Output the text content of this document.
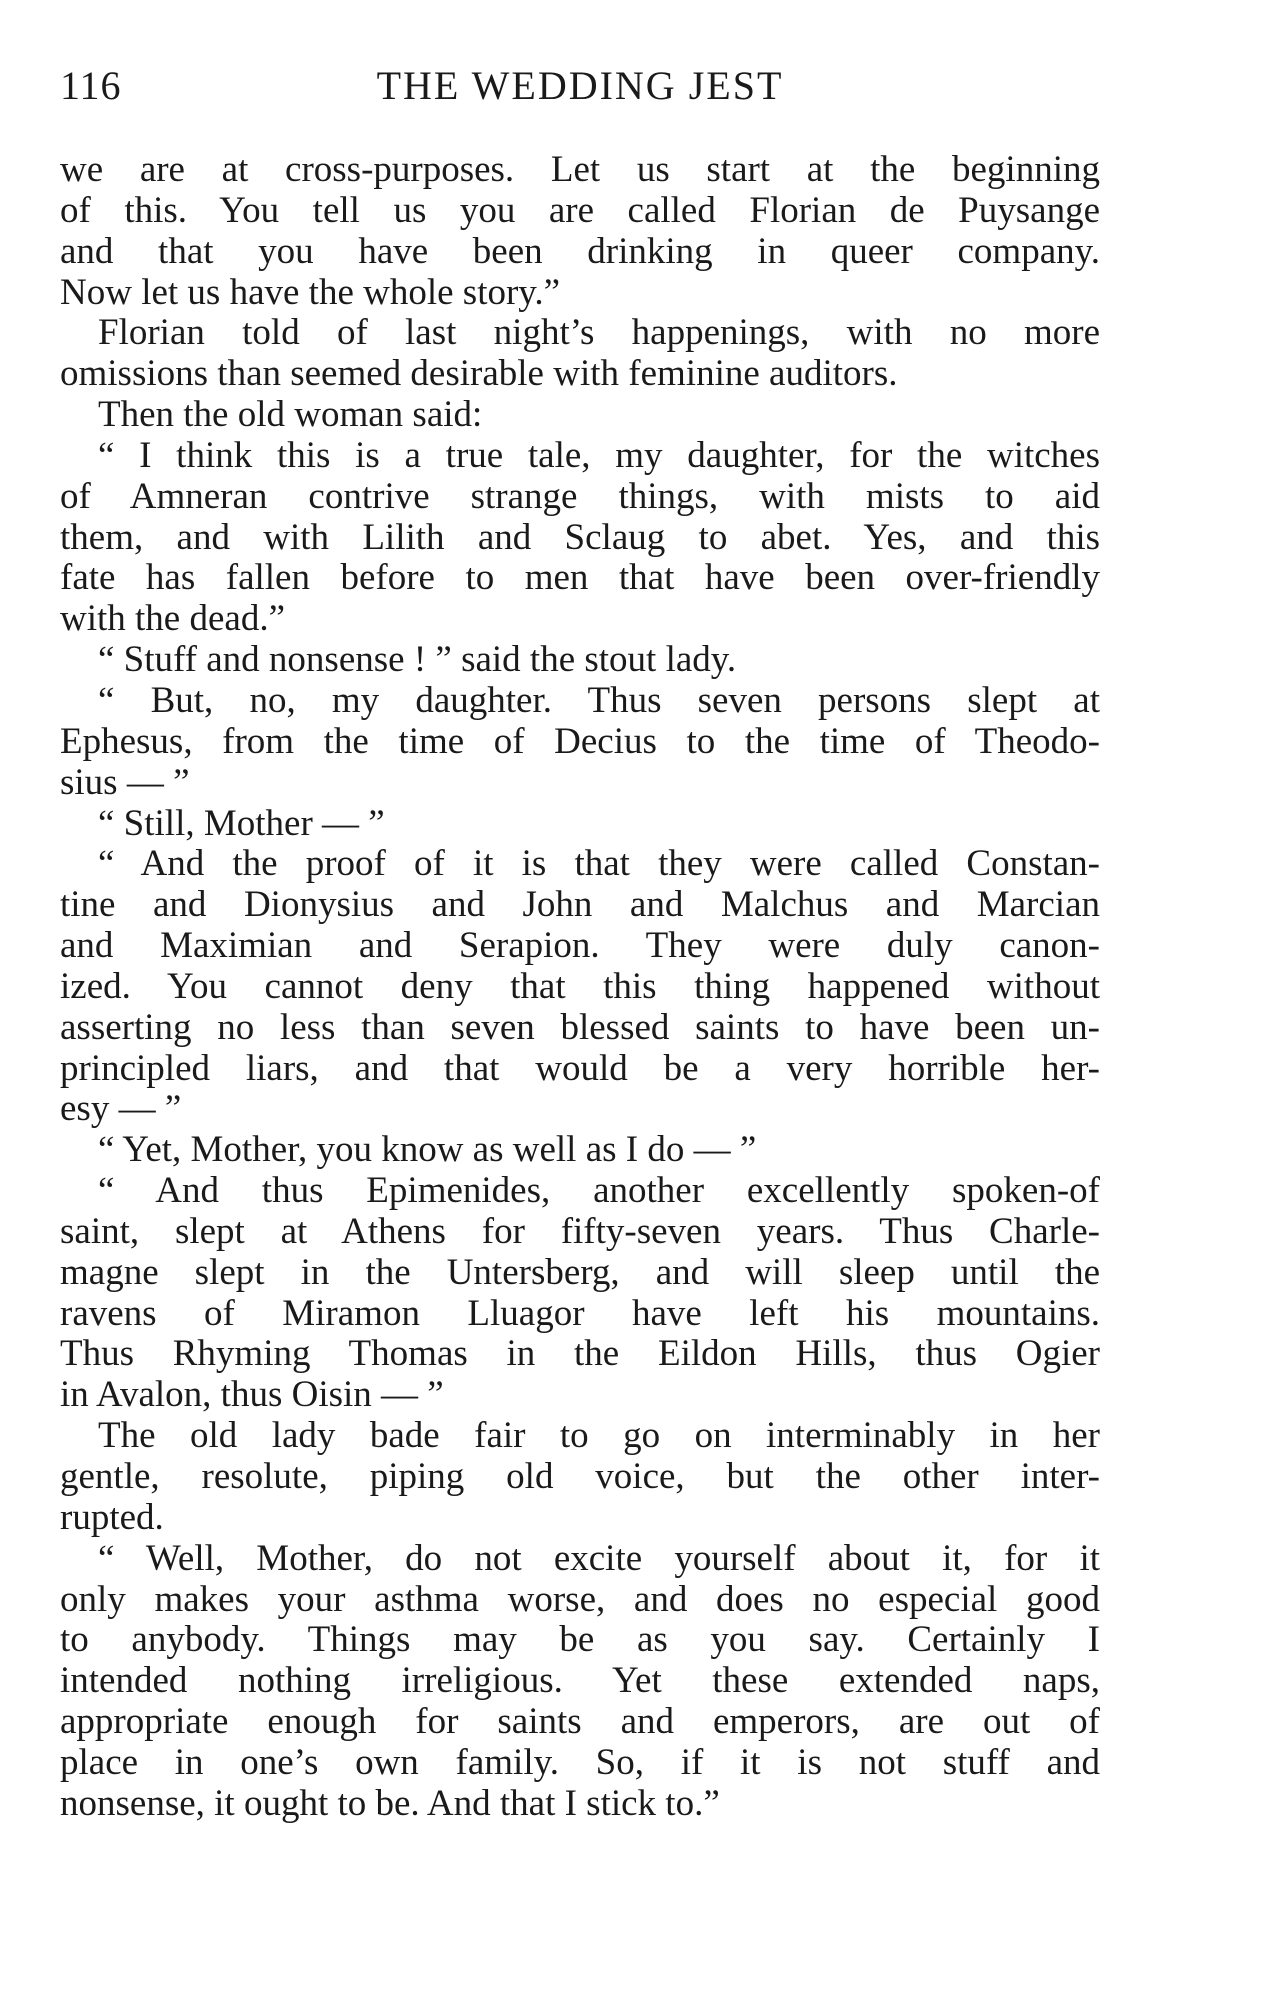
116	THE WEDDING JEST
we are at cross-purposes. Let us start at the beginning
of this. You tell us you are called Florian de Puysange
and that you have been drinking in queer company.
Now let us have the whole story.”
Florian told of last night’s happenings, with no more
omissions than seemed desirable with feminine auditors.
Then the old woman said:
“ I think this is a true tale, my daughter, for the witches
of Amneran contrive strange things, with mists to aid
them, and with Lilith and Sclaug to abet. Yes, and this
fate has fallen before to men that have been over-friendly
with the dead.”
“ Stuff and nonsense ! ” said the stout lady.
“ But, no, my daughter. Thus seven persons slept at
Ephesus, from the time of Decius to the time of Theodo-
sius — ”
“ Still, Mother — ”
“ And the proof of it is that they were called Constan-
tine and Dionysius and John and Malchus and Marcian
and Maximian and Serapion. They were duly canon-
ized. You cannot deny that this thing happened without
asserting no less than seven blessed saints to have been un-
principled liars, and that would be a very horrible her-
esy — ”
“ Yet, Mother, you know as well as I do — ”
“ And thus Epimenides, another excellently spoken-of
saint, slept at Athens for fifty-seven years. Thus Charle-
magne slept in the Untersberg, and will sleep until the
ravens of Miramon Lluagor have left his mountains.
Thus Rhyming Thomas in the Eildon Hills, thus Ogier
in Avalon, thus Oisin — ”
The old lady bade fair to go on interminably in her
gentle, resolute, piping old voice, but the other inter-
rupted.
“ Well, Mother, do not excite yourself about it, for it
only makes your asthma worse, and does no especial good
to anybody. Things may be as you say. Certainly I
intended nothing irreligious. Yet these extended naps,
appropriate enough for saints and emperors, are out of
place in one’s own family. So, if it is not stuff and
nonsense, it ought to be. And that I stick to.”
